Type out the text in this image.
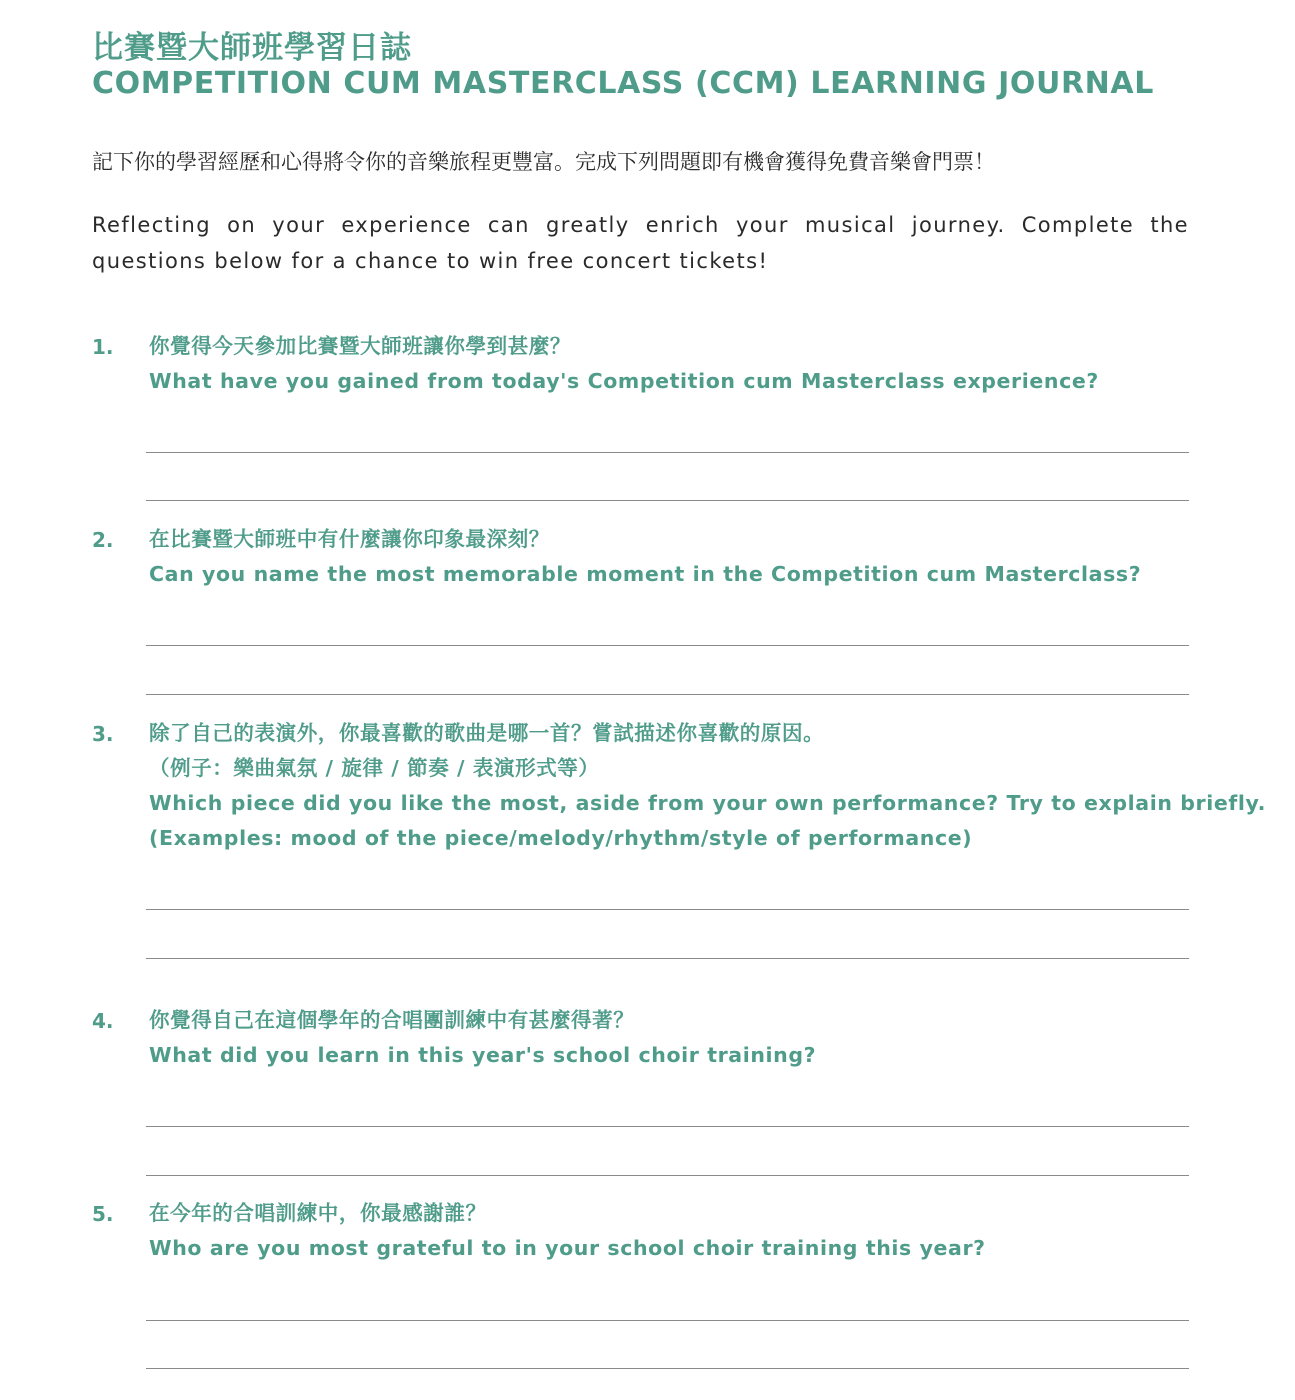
比賽暨大師班學習日誌
COMPETITION CUM MASTERCLASS (CCM) LEARNING JOURNAL
記下你的學習經歷和心得將令你的音樂旅程更豐富。完成下列問題即有機會獲得免費音樂會門票！
Reflecting on your experience can greatly enrich your musical journey. Complete the questions below for a chance to win free concert tickets!
1. 你覺得今天參加比賽暨大師班讓你學到甚麼？
What have you gained from today's Competition cum Masterclass experience?
2. 在比賽暨大師班中有什麼讓你印象最深刻？
Can you name the most memorable moment in the Competition cum Masterclass?
3. 除了自己的表演外，你最喜歡的歌曲是哪一首？嘗試描述你喜歡的原因。
（例子：樂曲氣氛 / 旋律 / 節奏 / 表演形式等）
Which piece did you like the most, aside from your own performance? Try to explain briefly.
(Examples: mood of the piece/melody/rhythm/style of performance)
4. 你覺得自己在這個學年的合唱團訓練中有甚麼得著？
What did you learn in this year's school choir training?
5. 在今年的合唱訓練中，你最感謝誰？
Who are you most grateful to in your school choir training this year?
